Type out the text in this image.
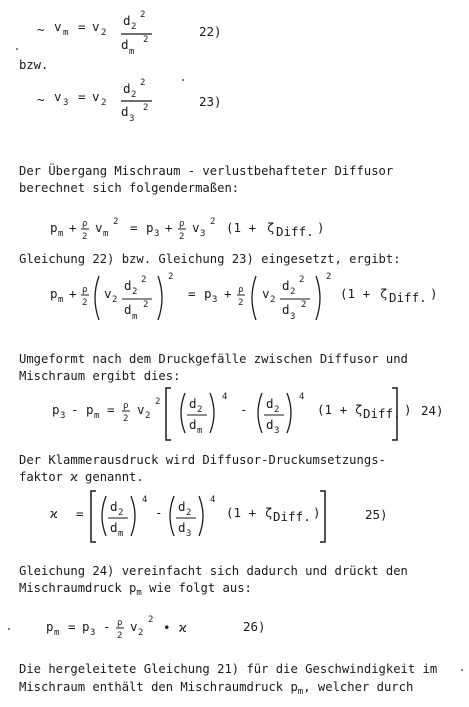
~ v m = v 2
d 2
2
d m
2
22)
bzw.
~ v 3 = v 2
d 2
2
d 3
2	23)
Der Übergang Mischraum - verlustbehafteter Diffusor
berechnet sich folgendermaßen:
p m + ρ
2
v m
2 = p 3 + ρ
2
v 3
2 (1 + ζ Diff. )
Gleichung 22) bzw. Gleichung 23) eingesetzt, ergibt:
p m + ρ
2
v 2
d 2
2
d m
2
2
= p 3 + ρ
2
v 2
d 2
2
d 3
2
2
(1 + ζ Diff. )
Umgeformt nach dem Druckgefälle zwischen Diffusor und
Mischraum ergibt dies:
p 3 - p m = ρ
2
v 2
2 d 2
d m
4
- d 2
d 3
4
(1 + ζ Diff. ) 24)
Der Klammerausdruck wird Diffusor-Druckumsetzungs-
faktor ϰ genannt.
ϰ = d 2
d m
4
- d 2
d 3
4
(1 + ζ Diff. )	25)
Gleichung 24) vereinfacht sich dadurch und drückt den
Mischraumdruck $p_m$ wie folgt aus:
p m = p 3 - ρ
2
v 2
2 • ϰ	26)
Die hergeleitete Gleichung 21) für die Geschwindigkeit im
Mischraum enthält den Mischraumdruck $p_m$, welcher durch
